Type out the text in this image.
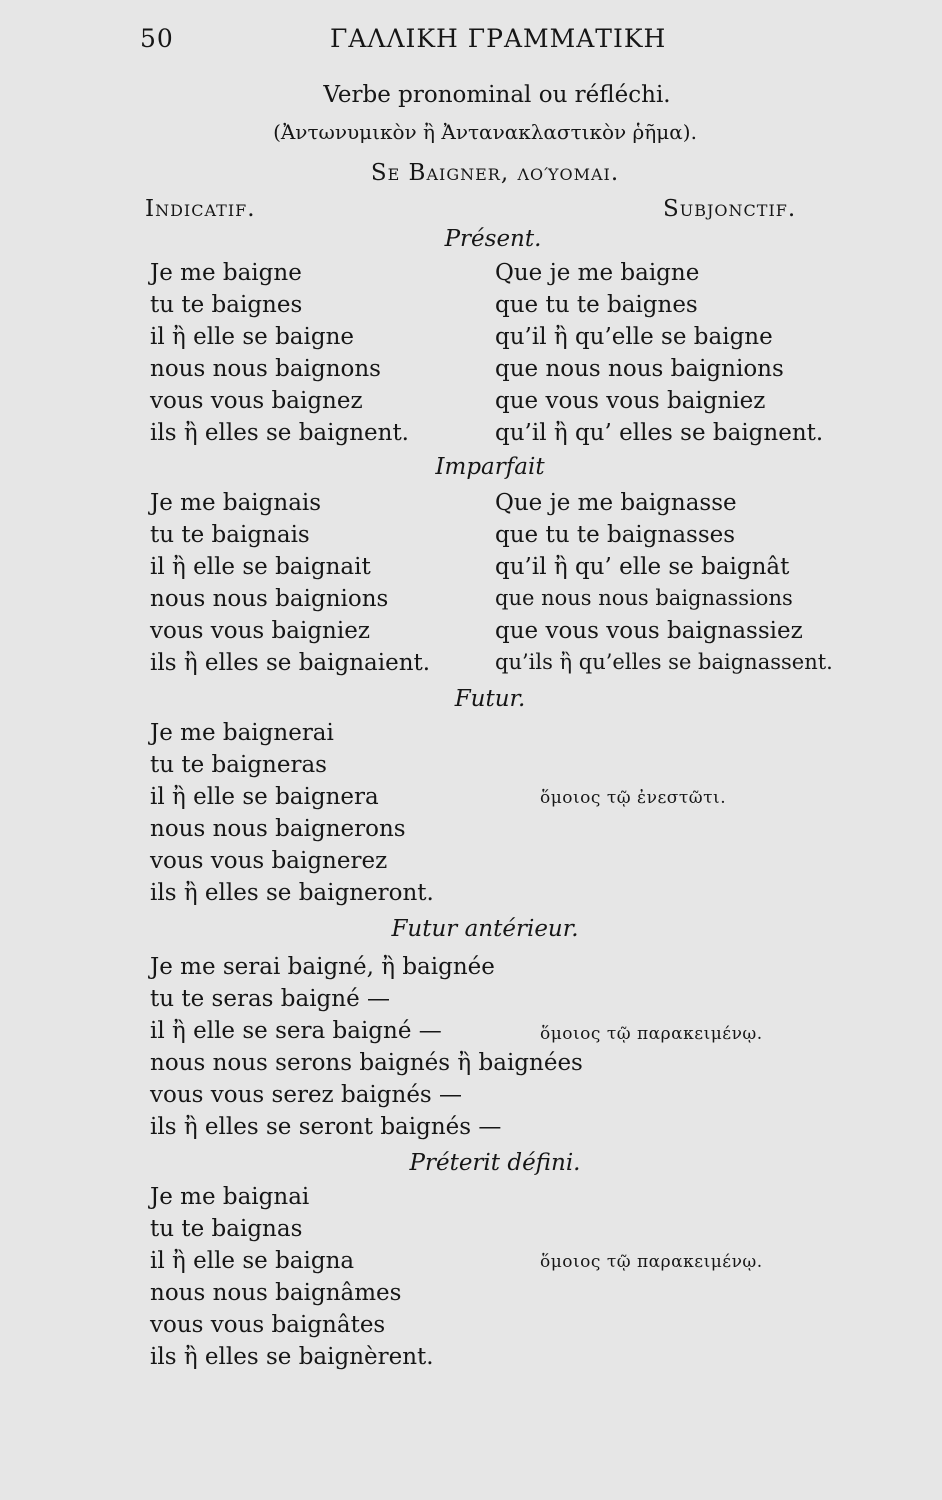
50	ΓΑΛΛΙΚΗ ΓΡΑΜΜΑΤΙΚΗ
Verbe pronominal ou réfléchi.
(Ἀντωνυμικὸν ἢ Ἀντανακλαστικὸν ῥῆμα).
Se Baigner, λούομαι.
Indicatif.	Subjonctif.
Présent.
Je me baigne
tu te baignes
il ἢ elle se baigne
nous nous baignons
vous vous baignez
ils ἢ elles se baignent.
Que je me baigne
que tu te baignes
qu’il ἢ qu’elle se baigne
que nous nous baignions
que vous vous baigniez
qu’il ἢ qu’ elles se baignent.
Imparfait
Je me baignais
tu te baignais
il ἢ elle se baignait
nous nous baignions
vous vous baigniez
ils ἢ elles se baignaient.
Que je me baignasse
que tu te baignasses
qu’il ἢ qu’ elle se baignât
que nous nous baignassions
que vous vous baignassiez
qu’ils ἢ qu’elles se baignassent.
Futur.
Je me baignerai
tu te baigneras
il ἢ elle se baignera
nous nous baignerons
vous vous baignerez
ils ἢ elles se baigneront.
ὅμοιος τῷ ἐνεστῶτι.
Futur antérieur.
Je me serai baigné, ἢ baignée
tu te seras baigné —
il ἢ elle se sera baigné —
nous nous serons baignés ἢ baignées
vous vous serez baignés —
ils ἢ elles se seront baignés —
ὅμοιος τῷ παρακειμένῳ.
Préterit défini.
Je me baignai
tu te baignas
il ἢ elle se baigna
nous nous baignâmes
vous vous baignâtes
ils ἢ elles se baignèrent.
ὅμοιος τῷ παρακειμένῳ.
